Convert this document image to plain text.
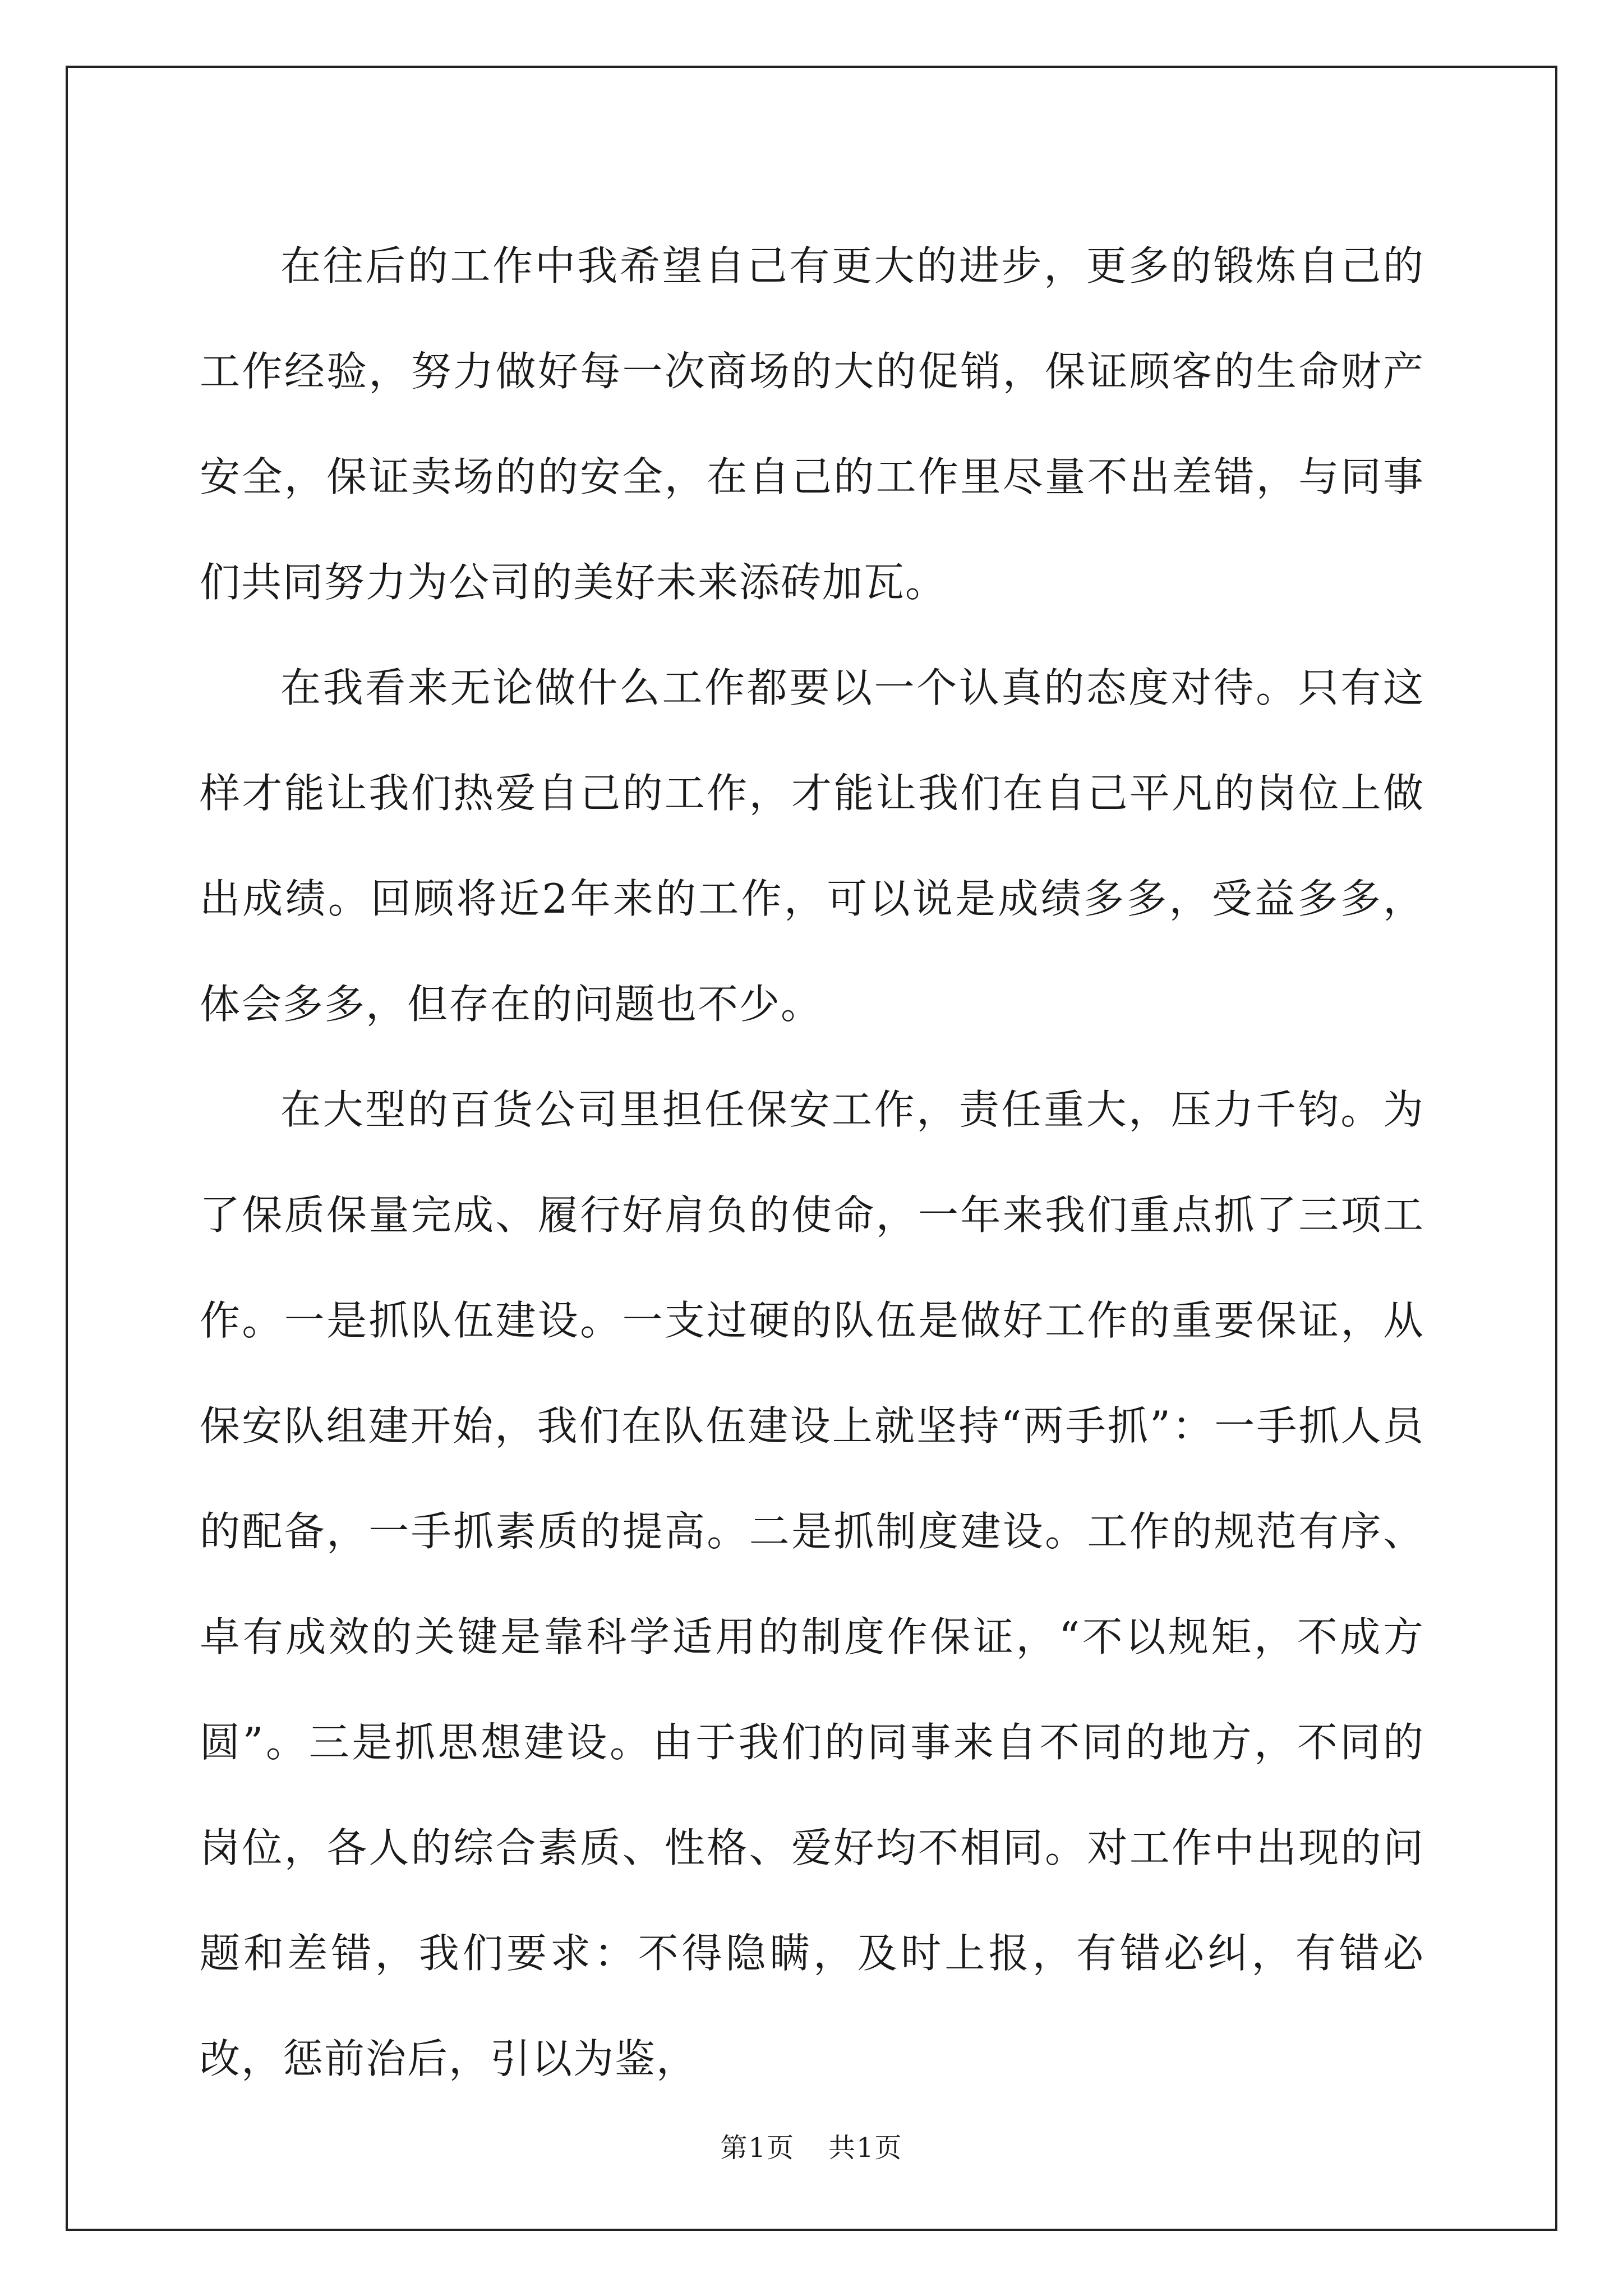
在往后的工作中我希望自己有更大的进步，更多的锻炼自己的工作经验，努力做好每一次商场的大的促销，保证顾客的生命财产安全，保证卖场的的安全，在自己的工作里尽量不出差错，与同事们共同努力为公司的美好未来添砖加瓦。

在我看来无论做什么工作都要以一个认真的态度对待。只有这样才能让我们热爱自己的工作，才能让我们在自己平凡的岗位上做出成绩。回顾将近2年来的工作，可以说是成绩多多，受益多多，体会多多，但存在的问题也不少。

在大型的百货公司里担任保安工作，责任重大，压力千钧。为了保质保量完成、履行好肩负的使命，一年来我们重点抓了三项工作。一是抓队伍建设。一支过硬的队伍是做好工作的重要保证，从保安队组建开始，我们在队伍建设上就坚持“两手抓”：一手抓人员的配备，一手抓素质的提高。二是抓制度建设。工作的规范有序、卓有成效的关键是靠科学适用的制度作保证，“不以规矩，不成方圆”。三是抓思想建设。由于我们的同事来自不同的地方，不同的岗位，各人的综合素质、性格、爱好均不相同。对工作中出现的问题和差错，我们要求：不得隐瞒，及时上报，有错必纠，有错必改，惩前治后，引以为鉴，

第1页 共1页
